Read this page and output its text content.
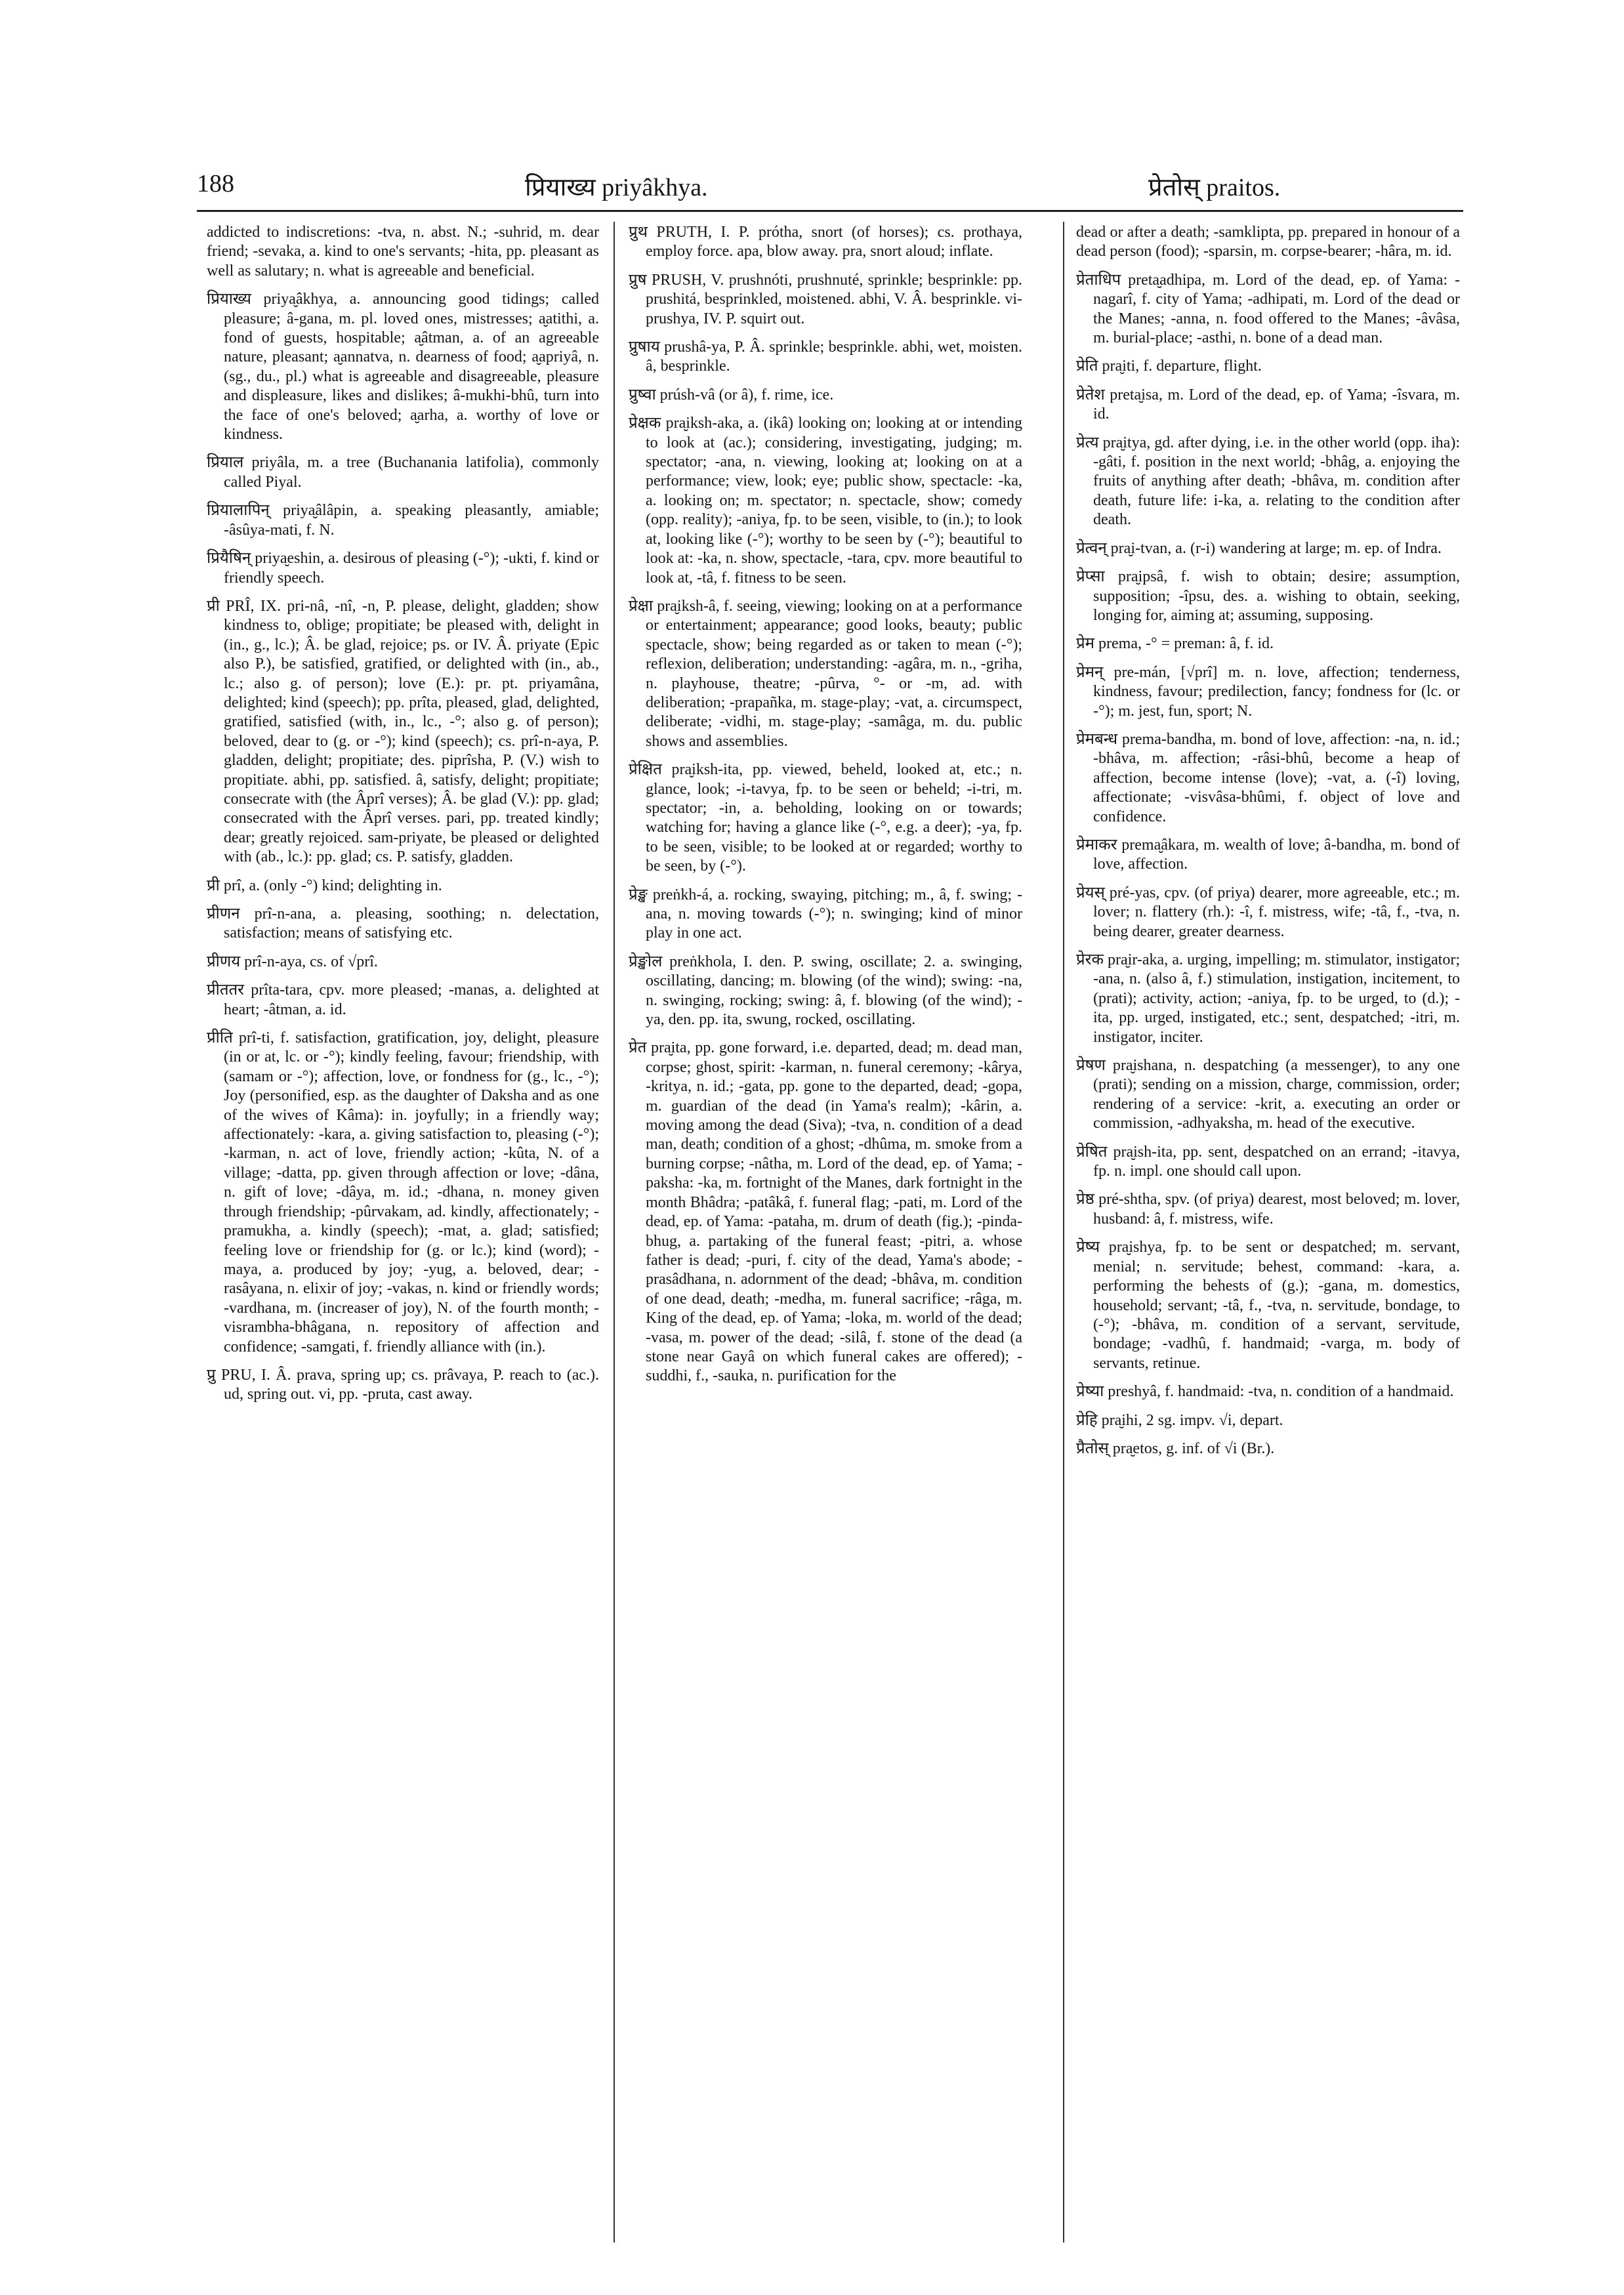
188	प्रियाख्य priyâkhya.	प्रेतोस् praitos.

addicted to indiscretions: -tva, n. abst. N.; -suhrid, m. dear friend; -sevaka, a. kind to one's servants; -hita, pp. pleasant as well as salutary; n. what is agreeable and beneficial.

प्रियाख्य priya̮âkhya, a. announcing good tidings; called pleasure; â-gana, m. pl. loved ones, mistresses; a̮atithi, a. fond of guests, hospitable; a̮âtman, a. of an agreeable nature, pleasant; a̮annatva, n. dearness of food; a̮apriyâ, n. (sg., du., pl.) what is agreeable and disagreeable, pleasure and displeasure, likes and dislikes; â-mukhi-bhû, turn into the face of one's beloved; a̮arha, a. worthy of love or kindness.

प्रियाल priyâla, m. a tree (Buchanania latifolia), commonly called Piyal.

प्रियालापिन् priya̮âlâpin, a. speaking pleasantly, amiable; -âsûya-mati, f. N.

प्रियैषिन् priya̮eshin, a. desirous of pleasing (-°); -ukti, f. kind or friendly speech.

प्री PRÎ, IX. pri-nâ, -nî, -n, P. please, delight, gladden; show kindness to, oblige; propitiate; be pleased with, delight in (in., g., lc.); Â. be glad, rejoice; ps. or IV. Â. priyate (Epic also P.), be satisfied, gratified, or delighted with (in., ab., lc.; also g. of person); love (E.): pr. pt. priyamâna, delighted; kind (speech); pp. prîta, pleased, glad, delighted, gratified, satisfied (with, in., lc., -°; also g. of person); beloved, dear to (g. or -°); kind (speech); cs. prî-n-aya, P. gladden, delight; propitiate; des. piprîsha, P. (V.) wish to propitiate. abhi, pp. satisfied. â, satisfy, delight; propitiate; consecrate with (the Âprî verses); Â. be glad (V.): pp. glad; consecrated with the Âprî verses. pari, pp. treated kindly; dear; greatly rejoiced. sam-priyate, be pleased or delighted with (ab., lc.): pp. glad; cs. P. satisfy, gladden.

प्री prî, a. (only -°) kind; delighting in.

प्रीणन prî-n-ana, a. pleasing, soothing; n. delectation, satisfaction; means of satisfying etc.

प्रीणय prî-n-aya, cs. of √prî.

प्रीततर prîta-tara, cpv. more pleased; -manas, a. delighted at heart; -âtman, a. id.

प्रीति prî-ti, f. satisfaction, gratification, joy, delight, pleasure (in or at, lc. or -°); kindly feeling, favour; friendship, with (samam or -°); affection, love, or fondness for (g., lc., -°); Joy (personified, esp. as the daughter of Daksha and as one of the wives of Kâma): in. joyfully; in a friendly way; affectionately: -kara, a. giving satisfaction to, pleasing (-°); -karman, n. act of love, friendly action; -kûta, N. of a village; -datta, pp. given through affection or love; -dâna, n. gift of love; -dâya, m. id.; -dhana, n. money given through friendship; -pûrvakam, ad. kindly, affectionately; -pramukha, a. kindly (speech); -mat, a. glad; satisfied; feeling love or friendship for (g. or lc.); kind (word); -maya, a. produced by joy; -yug, a. beloved, dear; -rasâyana, n. elixir of joy; -vakas, n. kind or friendly words; -vardhana, m. (increaser of joy), N. of the fourth month; -visrambha-bhâgana, n. repository of affection and confidence; -samgati, f. friendly alliance with (in.).

प्रु PRU, I. Â. prava, spring up; cs. prâvaya, P. reach to (ac.). ud, spring out. vi, pp. -pruta, cast away.

प्रुथ PRUTH, I. P. prótha, snort (of horses); cs. prothaya, employ force. apa, blow away. pra, snort aloud; inflate.

प्रुष PRUSH, V. prushnóti, prushnuté, sprinkle; besprinkle: pp. prushitá, besprinkled, moistened. abhi, V. Â. besprinkle. vi-prushya, IV. P. squirt out.

प्रुषाय prushâ-ya, P. Â. sprinkle; besprinkle. abhi, wet, moisten. â, besprinkle.

प्रुष्वा prúsh-vâ (or â), f. rime, ice.

प्रेक्षक pra̮iksh-aka, a. (ikâ) looking on; looking at or intending to look at (ac.); considering, investigating, judging; m. spectator; -ana, n. viewing, looking at; looking on at a performance; view, look; eye; public show, spectacle: -ka, a. looking on; m. spectator; n. spectacle, show; comedy (opp. reality); -aniya, fp. to be seen, visible, to (in.); to look at, looking like (-°); worthy to be seen by (-°); beautiful to look at: -ka, n. show, spectacle, -tara, cpv. more beautiful to look at, -tâ, f. fitness to be seen.

प्रेक्षा pra̮iksh-â, f. seeing, viewing; looking on at a performance or entertainment; appearance; good looks, beauty; public spectacle, show; being regarded as or taken to mean (-°); reflexion, deliberation; understanding: -agâra, m. n., -griha, n. playhouse, theatre; -pûrva, °- or -m, ad. with deliberation; -prapañka, m. stage-play; -vat, a. circumspect, deliberate; -vidhi, m. stage-play; -samâga, m. du. public shows and assemblies.

प्रेक्षित pra̮iksh-ita, pp. viewed, beheld, looked at, etc.; n. glance, look; -i-tavya, fp. to be seen or beheld; -i-tri, m. spectator; -in, a. beholding, looking on or towards; watching for; having a glance like (-°, e.g. a deer); -ya, fp. to be seen, visible; to be looked at or regarded; worthy to be seen, by (-°).

प्रेङ्ख preṅkh-á, a. rocking, swaying, pitching; m., â, f. swing; -ana, n. moving towards (-°); n. swinging; kind of minor play in one act.

प्रेङ्खोल preṅkhola, I. den. P. swing, oscillate; 2. a. swinging, oscillating, dancing; m. blowing (of the wind); swing: -na, n. swinging, rocking; swing: â, f. blowing (of the wind); -ya, den. pp. ita, swung, rocked, oscillating.

प्रेत pra̮ita, pp. gone forward, i.e. departed, dead; m. dead man, corpse; ghost, spirit: -karman, n. funeral ceremony; -kârya, -kritya, n. id.; -gata, pp. gone to the departed, dead; -gopa, m. guardian of the dead (in Yama's realm); -kârin, a. moving among the dead (Siva); -tva, n. condition of a dead man, death; condition of a ghost; -dhûma, m. smoke from a burning corpse; -nâtha, m. Lord of the dead, ep. of Yama; -paksha: -ka, m. fortnight of the Manes, dark fortnight in the month Bhâdra; -patâkâ, f. funeral flag; -pati, m. Lord of the dead, ep. of Yama: -pataha, m. drum of death (fig.); -pinda-bhug, a. partaking of the funeral feast; -pitri, a. whose father is dead; -puri, f. city of the dead, Yama's abode; -prasâdhana, n. adornment of the dead; -bhâva, m. condition of one dead, death; -medha, m. funeral sacrifice; -râga, m. King of the dead, ep. of Yama; -loka, m. world of the dead; -vasa, m. power of the dead; -silâ, f. stone of the dead (a stone near Gayâ on which funeral cakes are offered); -suddhi, f., -sauka, n. purification for the

dead or after a death; -samklipta, pp. prepared in honour of a dead person (food); -sparsin, m. corpse-bearer; -hâra, m. id.

प्रेताधिप preta̮adhipa, m. Lord of the dead, ep. of Yama: -nagarî, f. city of Yama; -adhipati, m. Lord of the dead or the Manes; -anna, n. food offered to the Manes; -âvâsa, m. burial-place; -asthi, n. bone of a dead man.

प्रेति pra̮iti, f. departure, flight.

प्रेतेश preta̮isa, m. Lord of the dead, ep. of Yama; -îsvara, m. id.

प्रेत्य pra̮itya, gd. after dying, i.e. in the other world (opp. iha): -gâti, f. position in the next world; -bhâg, a. enjoying the fruits of anything after death; -bhâva, m. condition after death, future life: i-ka, a. relating to the condition after death.

प्रेत्वन् pra̮i-tvan, a. (r-i) wandering at large; m. ep. of Indra.

प्रेप्सा pra̮ipsâ, f. wish to obtain; desire; assumption, supposition; -îpsu, des. a. wishing to obtain, seeking, longing for, aiming at; assuming, supposing.

प्रेम prema, -° = preman: â, f. id.

प्रेमन् pre-mán, [√prî] m. n. love, affection; tenderness, kindness, favour; predilection, fancy; fondness for (lc. or -°); m. jest, fun, sport; N.

प्रेमबन्ध prema-bandha, m. bond of love, affection: -na, n. id.; -bhâva, m. affection; -râsi-bhû, become a heap of affection, become intense (love); -vat, a. (-î) loving, affectionate; -visvâsa-bhûmi, f. object of love and confidence.

प्रेमाकर prema̮âkara, m. wealth of love; â-bandha, m. bond of love, affection.

प्रेयस् pré-yas, cpv. (of priya) dearer, more agreeable, etc.; m. lover; n. flattery (rh.): -î, f. mistress, wife; -tâ, f., -tva, n. being dearer, greater dearness.

प्रेरक pra̮ir-aka, a. urging, impelling; m. stimulator, instigator; -ana, n. (also â, f.) stimulation, instigation, incitement, to (prati); activity, action; -aniya, fp. to be urged, to (d.); -ita, pp. urged, instigated, etc.; sent, despatched; -itri, m. instigator, inciter.

प्रेषण pra̮ishana, n. despatching (a messenger), to any one (prati); sending on a mission, charge, commission, order; rendering of a service: -krit, a. executing an order or commission, -adhyaksha, m. head of the executive.

प्रेषित pra̮ish-ita, pp. sent, despatched on an errand; -itavya, fp. n. impl. one should call upon.

प्रेष्ठ pré-shtha, spv. (of priya) dearest, most beloved; m. lover, husband: â, f. mistress, wife.

प्रेष्य pra̮ishya, fp. to be sent or despatched; m. servant, menial; n. servitude; behest, command: -kara, a. performing the behests of (g.); -gana, m. domestics, household; servant; -tâ, f., -tva, n. servitude, bondage, to (-°); -bhâva, m. condition of a servant, servitude, bondage; -vadhû, f. handmaid; -varga, m. body of servants, retinue.

प्रेष्या preshyâ, f. handmaid: -tva, n. condition of a handmaid.

प्रेहि pra̮ihi, 2 sg. impv. √i, depart.

प्रैतोस् pra̮etos, g. inf. of √i (Br.).
